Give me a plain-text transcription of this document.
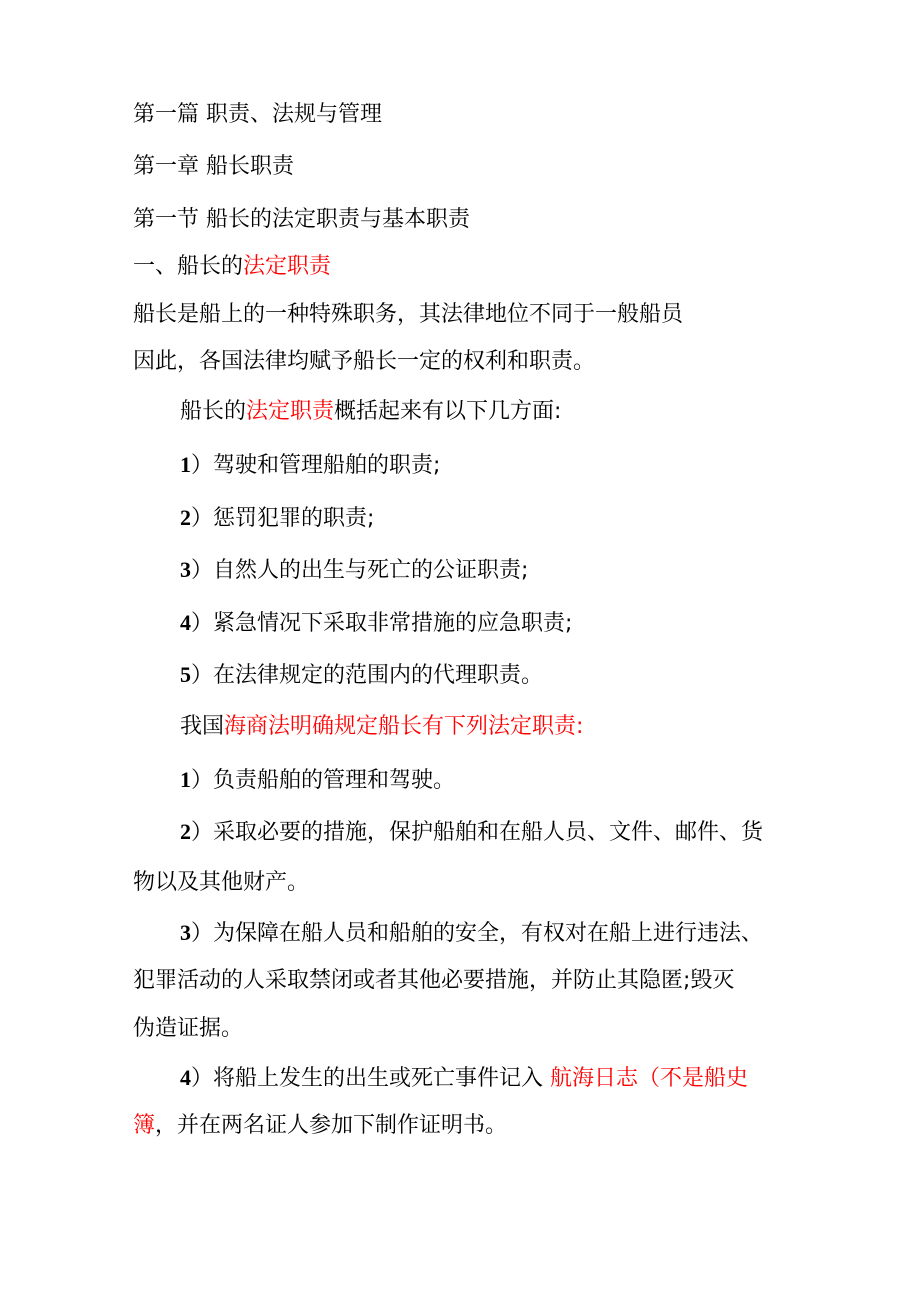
第一篇 职责、法规与管理

第一章 船长职责

第一节 船长的法定职责与基本职责

一、船长的法定职责

船长是船上的一种特殊职务，其法律地位不同于一般船员

因此，各国法律均赋予船长一定的权利和职责。

船长的法定职责概括起来有以下几方面:

1）驾驶和管理船舶的职责;

2）惩罚犯罪的职责;

3）自然人的出生与死亡的公证职责;

4）紧急情况下采取非常措施的应急职责;

5）在法律规定的范围内的代理职责。

我国海商法明确规定船长有下列法定职责:

1）负责船舶的管理和驾驶。

2）采取必要的措施，保护船舶和在船人员、文件、邮件、货

物以及其他财产。

3）为保障在船人员和船舶的安全，有权对在船上进行违法、

犯罪活动的人采取禁闭或者其他必要措施，并防止其隐匿;毁灭

伪造证据。

4）将船上发生的出生或死亡事件记入 航海日志（不是船史

簿，并在两名证人参加下制作证明书。
